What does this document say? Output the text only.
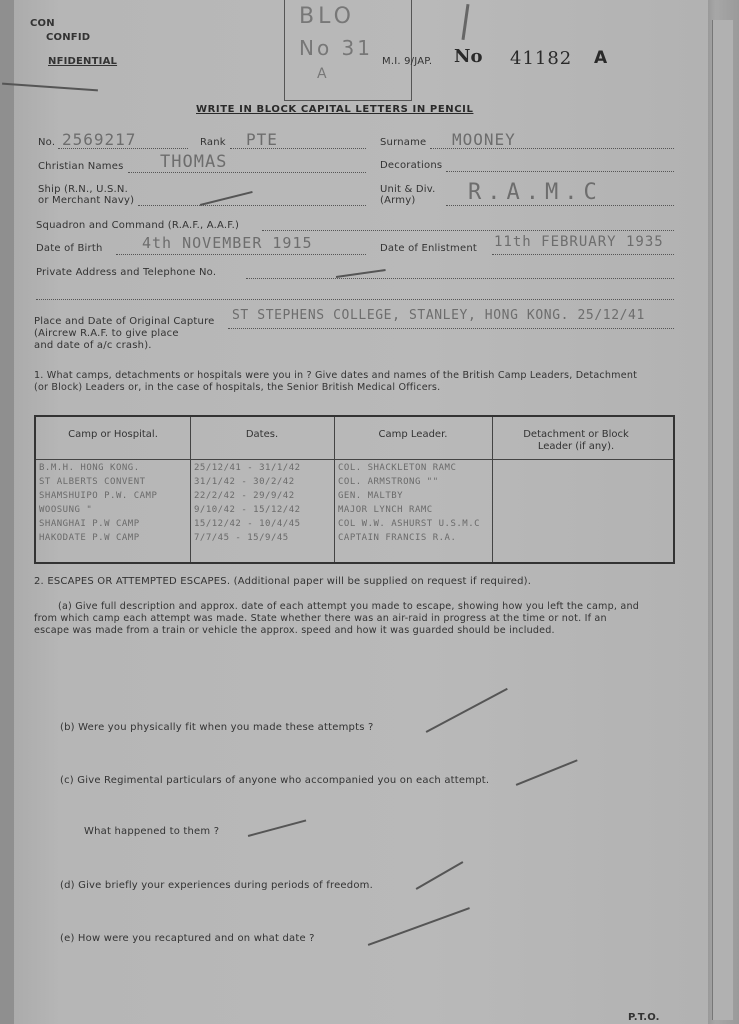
CON
CONFID
NFIDENTIAL
BLO
No 31
A
M.I. 9/JAP. No 41182 A
WRITE IN BLOCK CAPITAL LETTERS IN PENCIL
No. 2569217	Rank PTE	Surname MOONEY
Christian Names THOMAS	Decorations
Ship (R.N., U.S.N.
or Merchant Navy)
Unit & Div.
(Army) R.A.M.C
Squadron and Command (R.A.F., A.A.F.)
Date of Birth	4th NOVEMBER 1915	Date of Enlistment 11th FEBRUARY 1935
Private Address and Telephone No.
Place and Date of Original Capture
(Aircrew R.A.F. to give place
and date of a/c crash).
ST STEPHENS COLLEGE, STANLEY, HONG KONG. 25/12/41
1. What camps, detachments or hospitals were you in ? Give dates and names of the British Camp Leaders, Detachment
(or Block) Leaders or, in the case of hospitals, the Senior British Medical Officers.
Camp or Hospital.	Dates.	Camp Leader.	Detachment or Block Leader (if any).
B.M.H. HONG KONG.	25/12/41 - 31/1/42	COL. SHACKLETON RAMC
ST ALBERTS CONVENT	31/1/42 - 30/2/42	COL. ARMSTRONG ""
SHAMSHUIPO P.W. CAMP	22/2/42 - 29/9/42	GEN. MALTBY
WOOSUNG "	9/10/42 - 15/12/42	MAJOR LYNCH RAMC
SHANGHAI P.W CAMP	15/12/42 - 10/4/45	COL W.W. ASHURST U.S.M.C
HAKODATE P.W CAMP	7/7/45 - 15/9/45	CAPTAIN FRANCIS R.A.
2. ESCAPES OR ATTEMPTED ESCAPES. (Additional paper will be supplied on request if required).
(a) Give full description and approx. date of each attempt you made to escape, showing how you left the camp, and
from which camp each attempt was made. State whether there was an air-raid in progress at the time or not. If an
escape was made from a train or vehicle the approx. speed and how it was guarded should be included.
(b) Were you physically fit when you made these attempts ?
(c) Give Regimental particulars of anyone who accompanied you on each attempt.
What happened to them ?
(d) Give briefly your experiences during periods of freedom.
(e) How were you recaptured and on what date ?
P.T.O.
